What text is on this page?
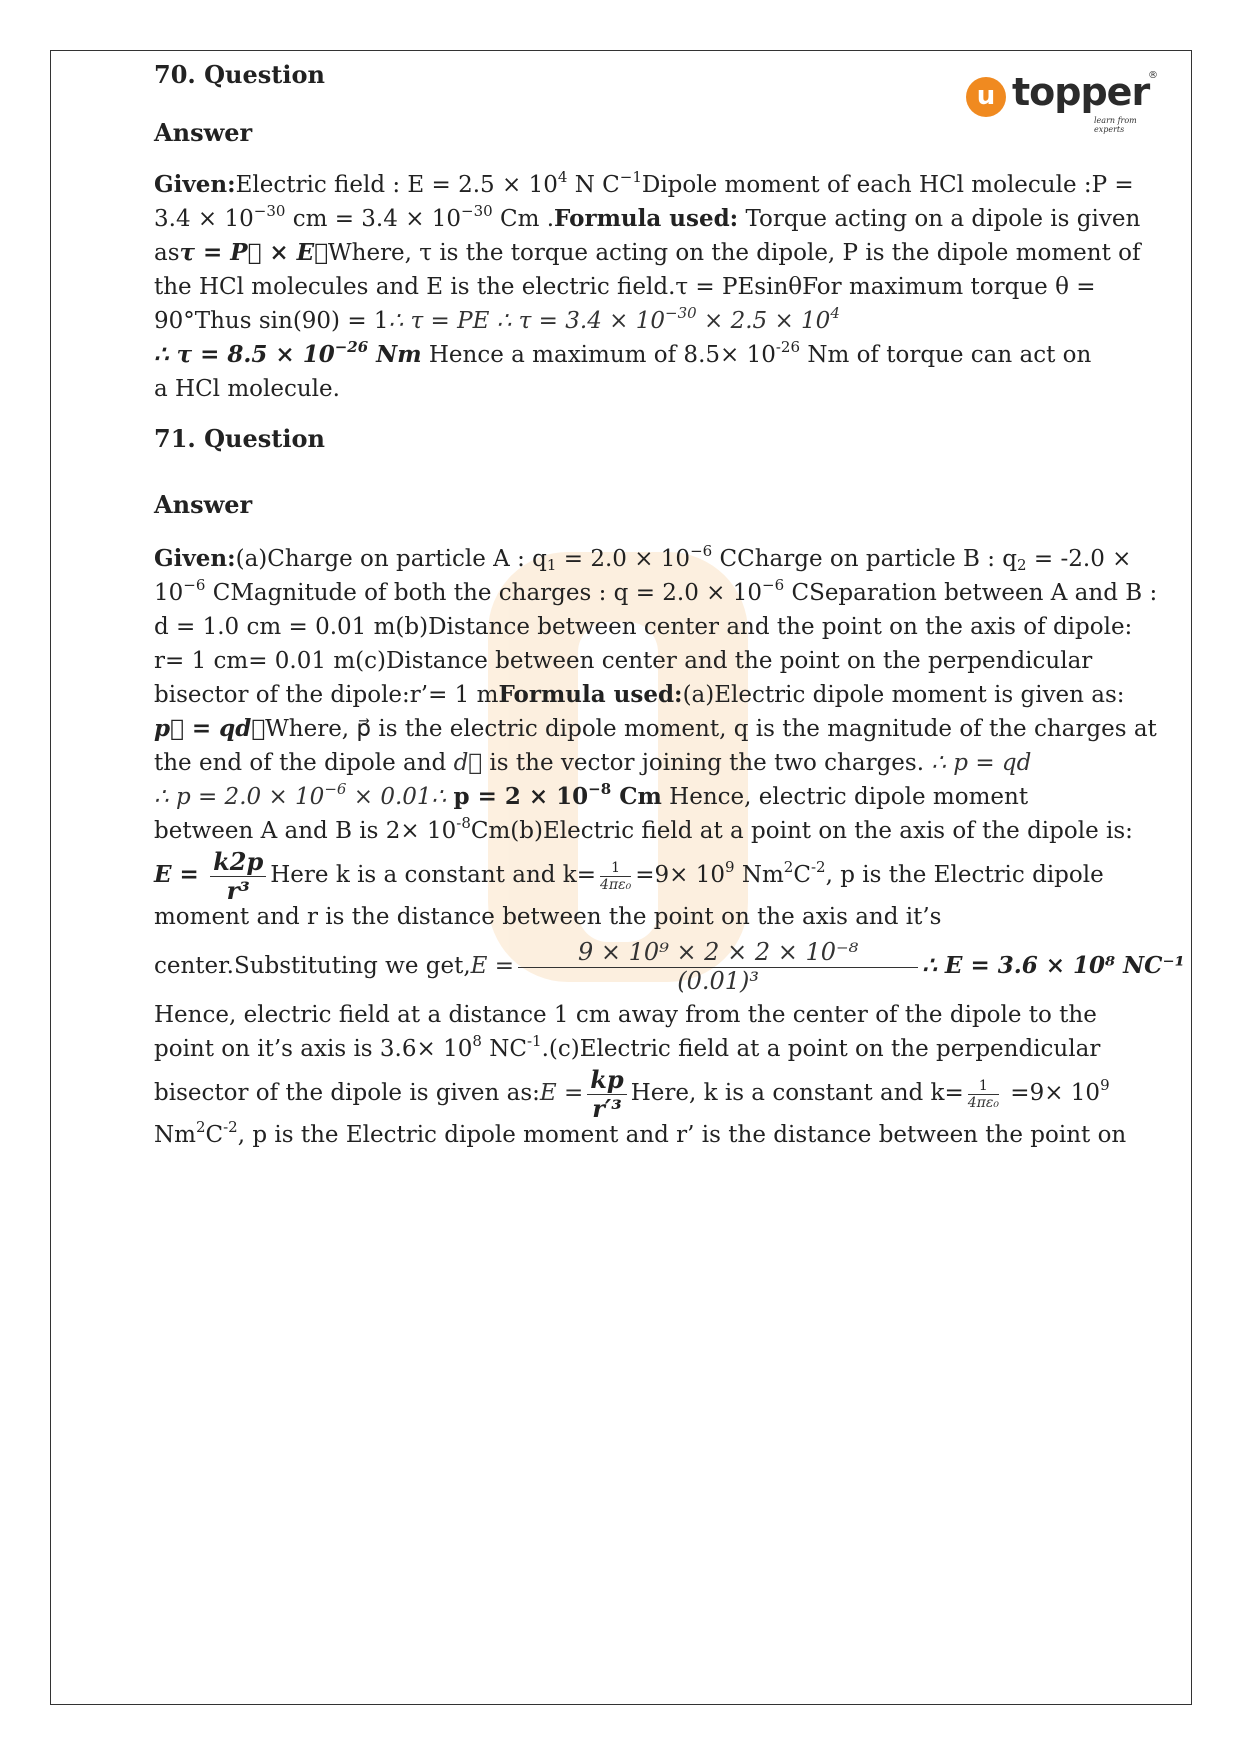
u topper
learn from experts
®
70. Question
Answer
Given:Electric field : $E = 2.5 \times 10^4$ N $C^{-1}Dipole$ moment of each HCl molecule :P =
$3.4 \times 10^{-30}$ cm = $3.4 \times 10^{-30}$ Cm .Formula used: Torque acting on a dipole is given
asτ = P⃗ × E⃗Where, τ is the torque acting on the dipole, P is the dipole moment of
the HCl molecules and E is the electric field.τ = PEsinθFor maximum torque θ =
90°Thus sin(90) = 1∴ τ = PE ∴ $\tau = 3.4 \times 10^{-30} \times 2.5 \times 10^4$
∴ $\tau = 8.5 \times 10^{-26}$ Nm Hence a maximum of $8.5\times 10^{-26}$ Nm of torque can act on
a HCl molecule.
71. Question
Answer
Given:(a)Charge on particle A : $q_1 = 2.0 \times 10^{-6}$ CCharge on particle B : $q_2 = -2.0$ ×
$10^{-6}$ CMagnitude of both the charges : $q = 2.0 \times 10^{-6}$ CSeparation between A and B :
d = 1.0 cm = 0.01 m(b)Distance between center and the point on the axis of dipole:
r= 1 cm= 0.01 m(c)Distance between center and the point on the perpendicular
bisector of the dipole:r’= 1 mFormula used:(a)Electric dipole moment is given as:
p⃗ = qd⃗Where, p⃗ is the electric dipole moment, q is the magnitude of the charges at
the end of the dipole and d⃗ is the vector joining the two charges. ∴ p = qd
∴ $p = 2.0 \times 10^{-6}$ × 0.01∴ $p = 2 \times 10^{-8}$ Cm Hence, electric dipole moment
between A and B is $2\times 10^{-8}Cm(b)Electric$ field at a point on the axis of the dipole is:
$E = \frac{k2p}{\text{r³}}$ Here k is a constant and $k= \frac{1}{\text{4πε₀}} =9\times 10^9$ $Nm^2C^{-2}$, p is the Electric dipole
moment and r is the distance between the point on the axis and it’s
center.Substituting we $get,E = \frac{\text{9 × 10⁹ × 2 × 2 × 10⁻⁸}}{\text{(0.01)³}}$ ∴ E = 3.6 × 10⁸ NC⁻¹
Hence, electric field at a distance 1 cm away from the center of the dipole to the
point on it’s axis is $3.6\times 10^8$ $NC^{-1}.(c)Electric$ field at a point on the perpendicular
bisector of the dipole is given as:E = $\frac{kp}{\text{r′³}}$ Here, k is a constant and $k= \frac{1}{\text{4πε₀}} =9\times 10^9$
$Nm^2C^{-2}$, p is the Electric dipole moment and r’ is the distance between the point on
